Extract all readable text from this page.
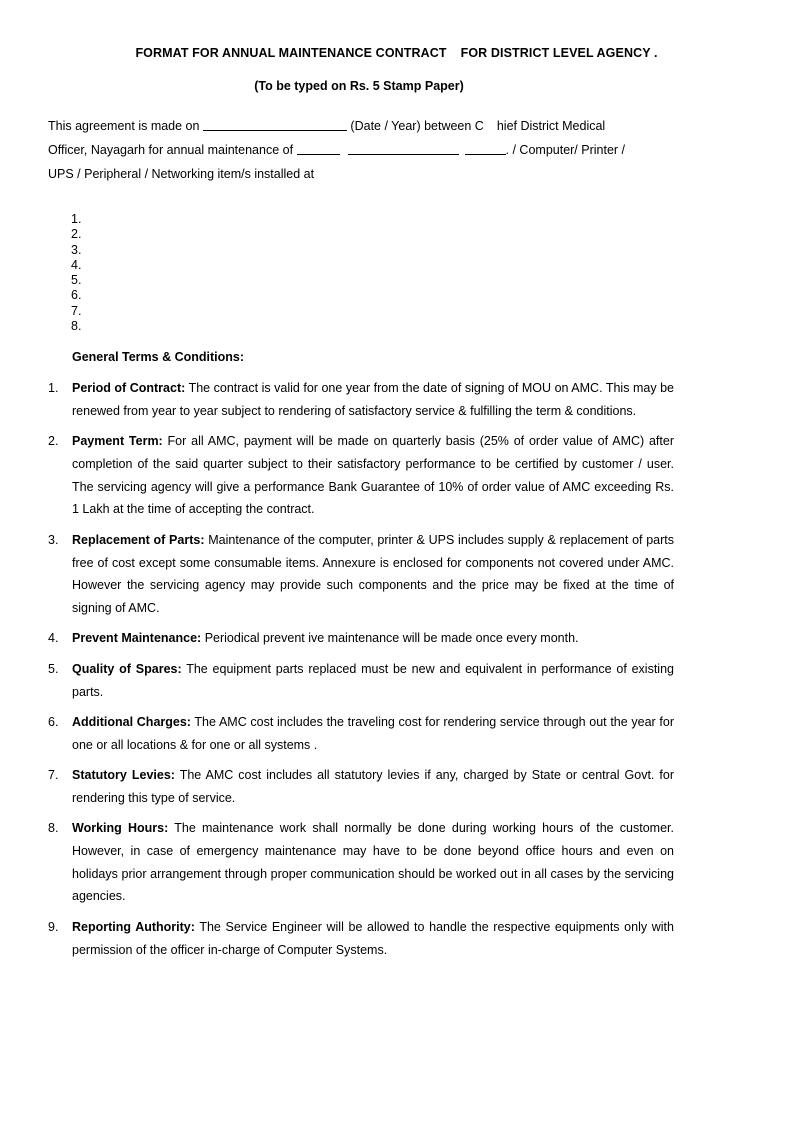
FORMAT FOR ANNUAL MAINTENANCE CONTRACT FOR DISTRICT LEVEL AGENCY .
(To be typed on Rs. 5 Stamp Paper)
This agreement is made on	(Date / Year) between C hief District Medical
Officer, Nayagarh for annual maintenance of	. / Computer/ Printer /
UPS / Peripheral / Networking item/s installed at
1.
2.
3.
4.
5.
6.
7.
8.
General Terms & Conditions:
1. Period of Contract: The contract is valid for one year from the date of signing of MOU on AMC. This may be renewed from year to year subject to rendering of satisfactory service & fulfilling the term & conditions.
2. Payment Term: For all AMC, payment will be made on quarterly basis (25% of order value of AMC) after completion of the said quarter subject to their satisfactory performance to be certified by customer / user. The servicing agency will give a performance Bank Guarantee of 10% of order value of AMC exceeding Rs. 1 Lakh at the time of accepting the contract.
3. Replacement of Parts: Maintenance of the computer, printer & UPS includes supply & replacement of parts free of cost except some consumable items. Annexure is enclosed for components not covered under AMC. However the servicing agency may provide such components and the price may be fixed at the time of signing of AMC.
4. Prevent Maintenance: Periodical prevent ive maintenance will be made once every month.
5. Quality of Spares: The equipment parts replaced must be new and equivalent in performance of existing parts.
6. Additional Charges: The AMC cost includes the traveling cost for rendering service through out the year for one or all locations & for one or all systems .
7. Statutory Levies: The AMC cost includes all statutory levies if any, charged by State or central Govt. for rendering this type of service.
8. Working Hours: The maintenance work shall normally be done during working hours of the customer. However, in case of emergency maintenance may have to be done beyond office hours and even on holidays prior arrangement through proper communication should be worked out in all cases by the servicing agencies.
9. Reporting Authority: The Service Engineer will be allowed to handle the respective equipments only with permission of the officer in-charge of Computer Systems.
